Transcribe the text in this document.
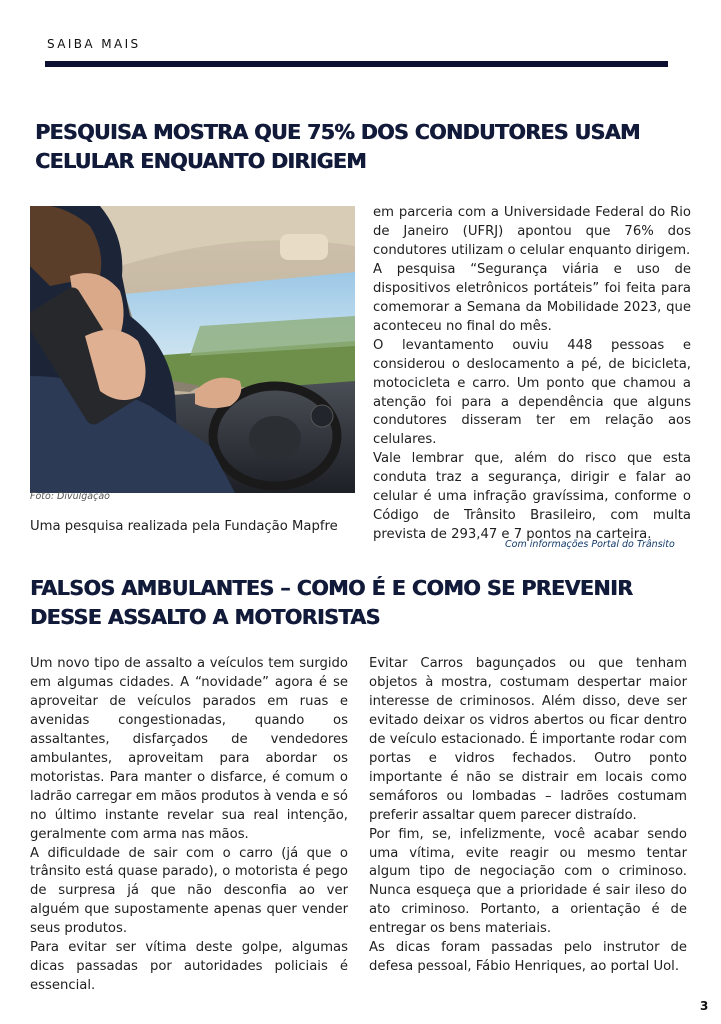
SAIBA MAIS
PESQUISA MOSTRA QUE 75% DOS CONDUTORES USAM CELULAR ENQUANTO DIRIGEM
Foto: Divulgação

Uma pesquisa realizada pela Fundação Mapfre

em parceria com a Universidade Federal do Rio de Janeiro (UFRJ) apontou que 76% dos condutores utilizam o celular enquanto dirigem.

A pesquisa “Segurança viária e uso de dispositivos eletrônicos portáteis” foi feita para comemorar a Semana da Mobilidade 2023, que aconteceu no final do mês.

O levantamento ouviu 448 pessoas e considerou o deslocamento a pé, de bicicleta, motocicleta e carro. Um ponto que chamou a atenção foi para a dependência que alguns condutores disseram ter em relação aos celulares.

Vale lembrar que, além do risco que esta conduta traz a segurança, dirigir e falar ao celular é uma infração gravíssima, conforme o Código de Trânsito Brasileiro, com multa prevista de 293,47 e 7 pontos na carteira.

Com informações Portal do Trânsito
FALSOS AMBULANTES – COMO É E COMO SE PREVENIR DESSE ASSALTO A MOTORISTAS

Um novo tipo de assalto a veículos tem surgido em algumas cidades. A “novidade” agora é se aproveitar de veículos parados em ruas e avenidas congestionadas, quando os assaltantes, disfarçados de vendedores ambulantes, aproveitam para abordar os motoristas. Para manter o disfarce, é comum o ladrão carregar em mãos produtos à venda e só no último instante revelar sua real intenção, geralmente com arma nas mãos.

A dificuldade de sair com o carro (já que o trânsito está quase parado), o motorista é pego de surpresa já que não desconfia ao ver alguém que supostamente apenas quer vender seus produtos.

Para evitar ser vítima deste golpe, algumas dicas passadas por autoridades policiais é essencial.

Evitar Carros bagunçados ou que tenham objetos à mostra, costumam despertar maior interesse de criminosos. Além disso, deve ser evitado deixar os vidros abertos ou ficar dentro de veículo estacionado. É importante rodar com portas e vidros fechados. Outro ponto importante é não se distrair em locais como semáforos ou lombadas – ladrões costumam preferir assaltar quem parecer distraído.

Por fim, se, infelizmente, você acabar sendo uma vítima, evite reagir ou mesmo tentar algum tipo de negociação com o criminoso. Nunca esqueça que a prioridade é sair ileso do ato criminoso. Portanto, a orientação é de entregar os bens materiais.

As dicas foram passadas pelo instrutor de defesa pessoal, Fábio Henriques, ao portal Uol.

3
